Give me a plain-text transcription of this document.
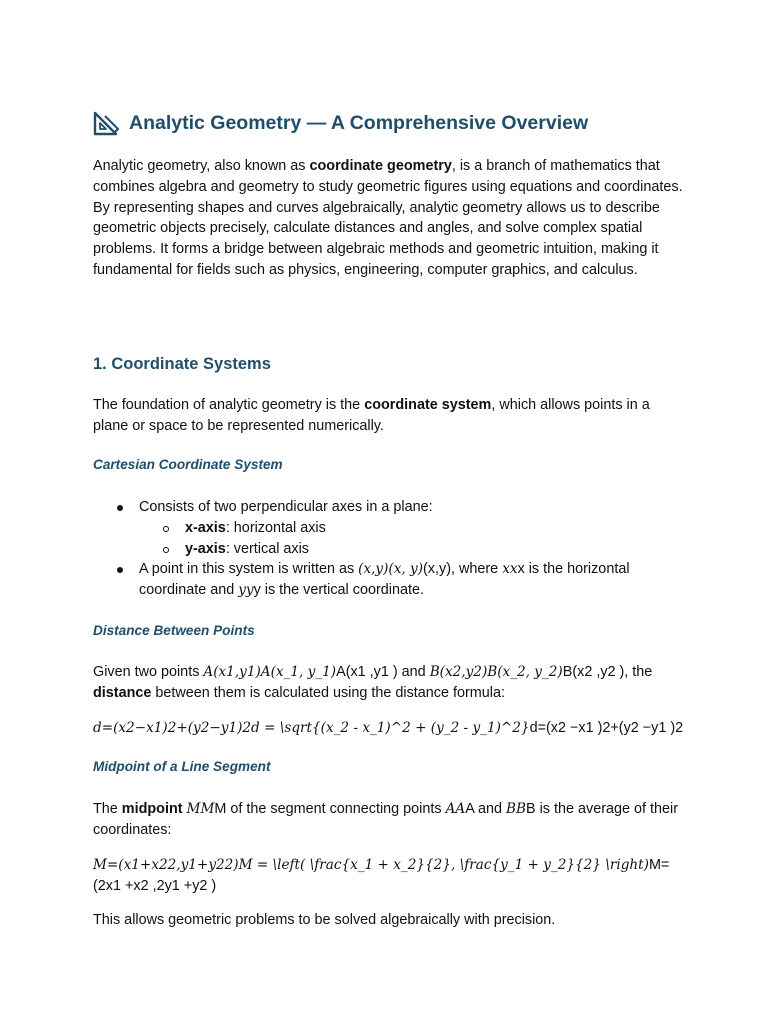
Analytic Geometry — A Comprehensive Overview

Analytic geometry, also known as coordinate geometry, is a branch of mathematics that combines algebra and geometry to study geometric figures using equations and coordinates. By representing shapes and curves algebraically, analytic geometry allows us to describe geometric objects precisely, calculate distances and angles, and solve complex spatial problems. It forms a bridge between algebraic methods and geometric intuition, making it fundamental for fields such as physics, engineering, computer graphics, and calculus.

1. Coordinate Systems

The foundation of analytic geometry is the coordinate system, which allows points in a plane or space to be represented numerically.

Cartesian Coordinate System
Consists of two perpendicular axes in a plane:
x-axis: horizontal axis
y-axis: vertical axis
A point in this system is written as (x,y)(x, y)(x,y), where xxx is the horizontal coordinate and yyy is the vertical coordinate.
Distance Between Points

Given two points A(x1,y1)A(x_1, y_1)A(x1 ,y1 ) and B(x2,y2)B(x_2, y_2)B(x2 ,y2 ), the distance between them is calculated using the distance formula:

d=(x2−x1)2+(y2−y1)2d = \sqrt{(x_2 - x_1)^2 + (y_2 - y_1)^2}d=(x2 −x1 )2+(y2 −y1 )2

Midpoint of a Line Segment

The midpoint MMM of the segment connecting points AAA and BBB is the average of their coordinates:

M=(x1+x22,y1+y22)M = \left( \frac{x_1 + x_2}{2}, \frac{y_1 + y_2}{2} \right)M=(2x1 +x2 ,2y1 +y2 )

This allows geometric problems to be solved algebraically with precision.
